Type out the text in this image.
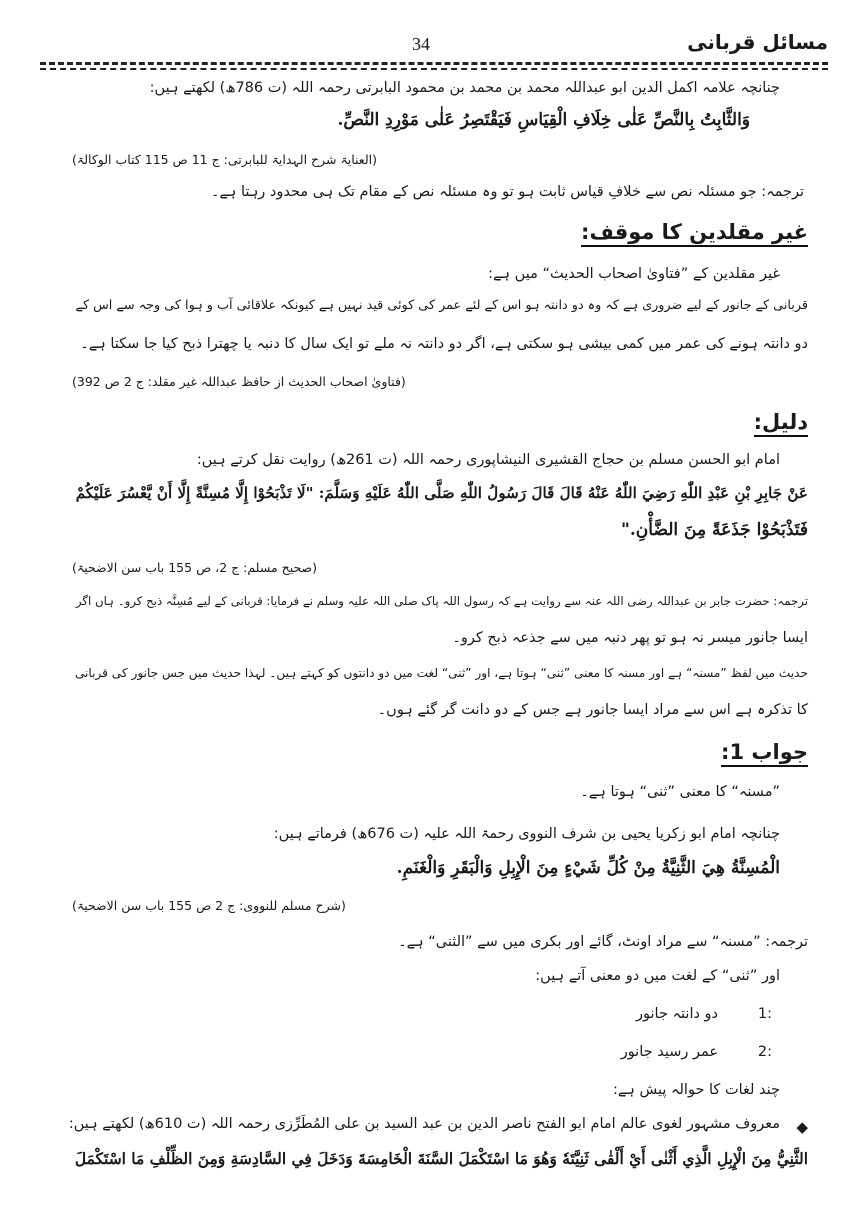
مسائل قربانی
34
چنانچہ علامہ اکمل الدین ابو عبداللہ محمد بن محمد بن محمود البابرتی رحمہ اللہ (ت 786ھ) لکھتے ہیں:
وَالثَّابِتُ بِالنَّصِّ عَلٰی خِلَافِ الْقِيَاسِ فَيَقْتَصِرُ عَلٰى مَوْرِدِ النَّصِّ.
(العنایۃ شرح الہدایۃ للبابرتی: ج 11 ص 115 کتاب الوکالۃ)
ترجمہ: جو مسئلہ نص سے خلافِ قیاس ثابت ہو تو وہ مسئلہ نص کے مقام تک ہی محدود رہتا ہے۔
غیر مقلدین کا موقف:
غیر مقلدین کے ”فتاویٰ اصحاب الحدیث“ میں ہے:
قربانی کے جانور کے لیے ضروری ہے کہ وہ دو دانتہ ہو اس کے لئے عمر کی کوئی قید نہیں ہے کیونکہ علاقائی آب و ہوا کی وجہ سے اس کے
دو دانتہ ہونے کی عمر میں کمی بیشی ہو سکتی ہے، اگر دو دانتہ نہ ملے تو ایک سال کا دنبہ یا چھترا ذبح کیا جا سکتا ہے۔
(فتاویٰ اصحاب الحدیث از حافظ عبداللہ غیر مقلد: ج 2 ص 392)
دلیل:
امام ابو الحسن مسلم بن حجاج القشیری النیشاپوری رحمہ اللہ (ت 261ھ) روایت نقل کرتے ہیں:
عَنْ جَابِرِ بْنِ عَبْدِ اللّٰهِ رَضِيَ اللّٰهُ عَنْهُ قَالَ قَالَ رَسُولُ اللّٰهِ صَلَّى اللّٰهُ عَلَيْهِ وَسَلَّمَ: "لَا تَذْبَحُوْا إِلَّا مُسِنَّةً إِلَّا أَنْ يَّعْسُرَ عَلَيْكُمْ
فَتَذْبَحُوْا جَذَعَةً مِنَ الضَّأْنِ."
(صحیح مسلم: ج 2، ص 155 باب سن الاضحیۃ)
ترجمہ: حضرت جابر بن عبداللہ رضی اللہ عنہ سے روایت ہے کہ رسول اللہ پاک صلی اللہ علیہ وسلم نے فرمایا: قربانی کے لیے مُسِنَّہ ذبح کرو۔ ہاں اگر
ایسا جانور میسر نہ ہو تو پھر دنبہ میں سے جذعہ ذبح کرو۔
حدیث میں لفظ ”مسنہ“ ہے اور مسنہ کا معنی ”ثنی“ ہوتا ہے، اور ”ثنی“ لغت میں دو دانتوں کو کہتے ہیں۔ لہذا حدیث میں جس جانور کی قربانی
کا تذکرہ ہے اس سے مراد ایسا جانور ہے جس کے دو دانت گر گئے ہوں۔
جواب 1:
”مسنہ“ کا معنی ”ثنی“ ہوتا ہے۔
چنانچہ امام ابو زکریا یحیی بن شرف النووی رحمۃ اللہ علیہ (ت 676ھ) فرماتے ہیں:
الْمُسِنَّةُ هِيَ الثَّنِيَّةُ مِنْ كُلِّ شَيْءٍ مِنَ الْإِبِلِ وَالْبَقَرِ وَالْغَنَمِ.
(شرح مسلم للنووی: ج 2 ص 155 باب سن الاضحیۃ)
ترجمہ: ”مسنہ“ سے مراد اونٹ، گائے اور بکری میں سے ”الثنی“ ہے۔
اور ”ثنی“ کے لغت میں دو معنی آتے ہیں:
1:
دو دانتہ جانور
2:
عمر رسید جانور
چند لغات کا حوالہ پیش ہے:
◆
معروف مشہور لغوی عالم امام ابو الفتح ناصر الدین بن عبد السید بن علی المُطَرِّزی رحمہ اللہ (ت 610ھ) لکھتے ہیں:
الثَّنِيُّ مِنَ الْإِبِلِ الَّذِي أَثْنٰى أَيْ أَلْقٰى ثَنِيَّتَهٗ وَهُوَ مَا اسْتَكْمَلَ السَّنَةَ الْخَامِسَةَ وَدَخَلَ فِي السَّادِسَةِ وَمِنَ الظِّلْفِ مَا اسْتَكْمَلَ
